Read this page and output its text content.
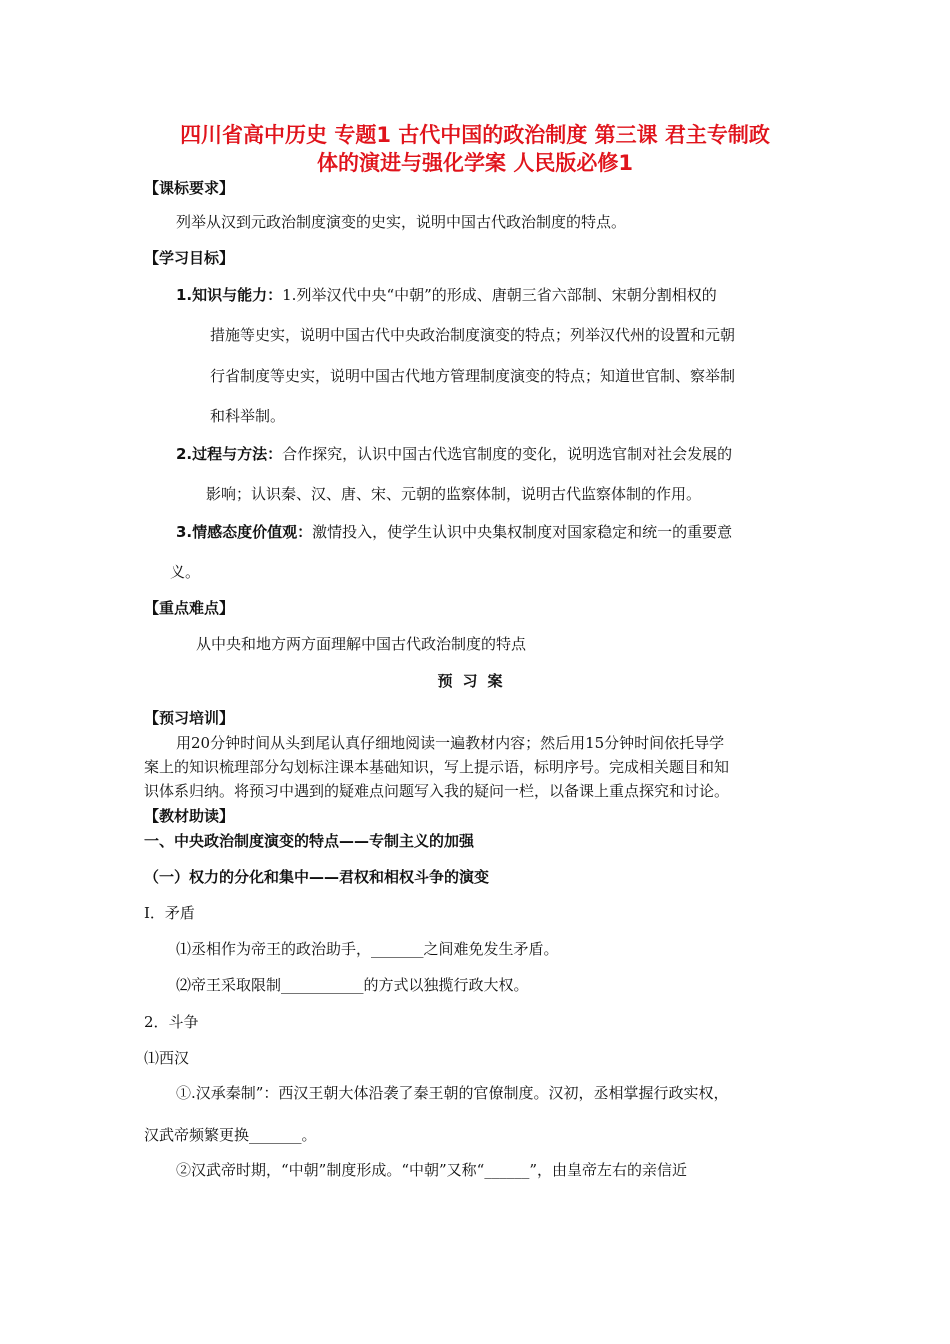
四川省高中历史 专题1 古代中国的政治制度 第三课 君主专制政
体的演进与强化学案 人民版必修1
【课标要求】
列举从汉到元政治制度演变的史实，说明中国古代政治制度的特点。
【学习目标】
1.知识与能力：1.列举汉代中央“中朝”的形成、唐朝三省六部制、宋朝分割相权的
措施等史实，说明中国古代中央政治制度演变的特点；列举汉代州的设置和元朝
行省制度等史实，说明中国古代地方管理制度演变的特点；知道世官制、察举制
和科举制。
2.过程与方法：合作探究，认识中国古代选官制度的变化，说明选官制对社会发展的
影响；认识秦、汉、唐、宋、元朝的监察体制，说明古代监察体制的作用。
3.情感态度价值观：激情投入，使学生认识中央集权制度对国家稳定和统一的重要意
义。
【重点难点】
从中央和地方两方面理解中国古代政治制度的特点
预习案
【预习培训】
用20分钟时间从头到尾认真仔细地阅读一遍教材内容；然后用15分钟时间依托导学
案上的知识梳理部分勾划标注课本基础知识，写上提示语，标明序号。完成相关题目和知
识体系归纳。将预习中遇到的疑难点问题写入我的疑问一栏，以备课上重点探究和讨论。
【教材助读】
一、中央政治制度演变的特点——专制主义的加强
（一）权力的分化和集中——君权和相权斗争的演变
I．矛盾
⑴丞相作为帝王的政治助手，_______之间难免发生矛盾。
⑵帝王采取限制___________的方式以独揽行政大权。
2．斗争
⑴西汉
①.汉承秦制”：西汉王朝大体沿袭了秦王朝的官僚制度。汉初，丞相掌握行政实权，
汉武帝频繁更换_______。
②汉武帝时期，“中朝”制度形成。“中朝”又称“______”，由皇帝左右的亲信近
